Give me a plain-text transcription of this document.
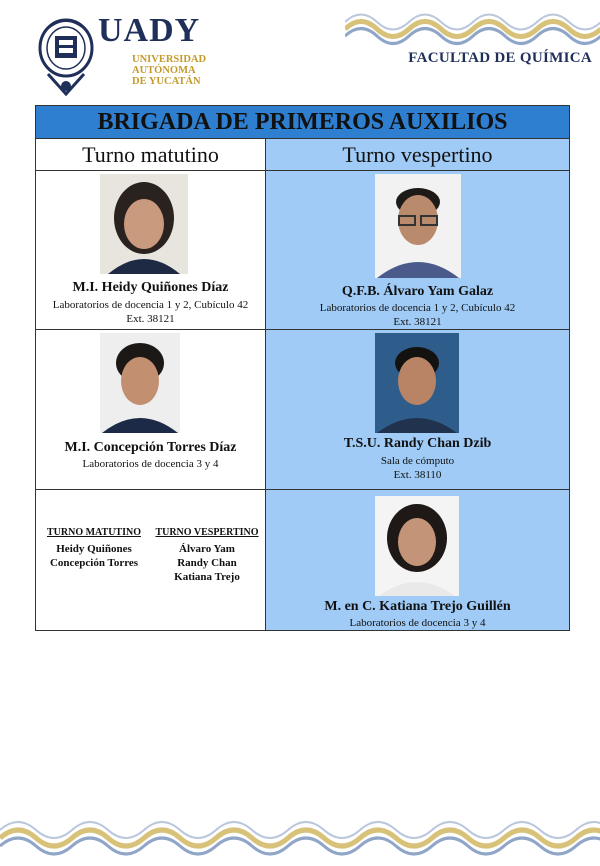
UADY
UNIVERSIDAD
AUTÓNOMA
DE YUCATÁN
FACULTAD DE QUÍMICA
BRIGADA DE PRIMEROS AUXILIOS
Turno matutino	Turno vespertino
M.I. Heidy Quiñones Díaz
Laboratorios de docencia 1 y 2, Cubículo 42
Ext. 38121
Q.F.B. Álvaro Yam Galaz
Laboratorios de docencia 1 y 2, Cubículo 42
Ext. 38121
M.I. Concepción Torres Díaz
Laboratorios de docencia 3 y 4
T.S.U. Randy Chan Dzib
Sala de cómputo
Ext. 38110
TURNO MATUTINO
Heidy Quiñones
Concepción Torres
TURNO VESPERTINO
Álvaro Yam
Randy Chan
Katiana Trejo
M. en C. Katiana Trejo Guillén
Laboratorios de docencia 3 y 4
